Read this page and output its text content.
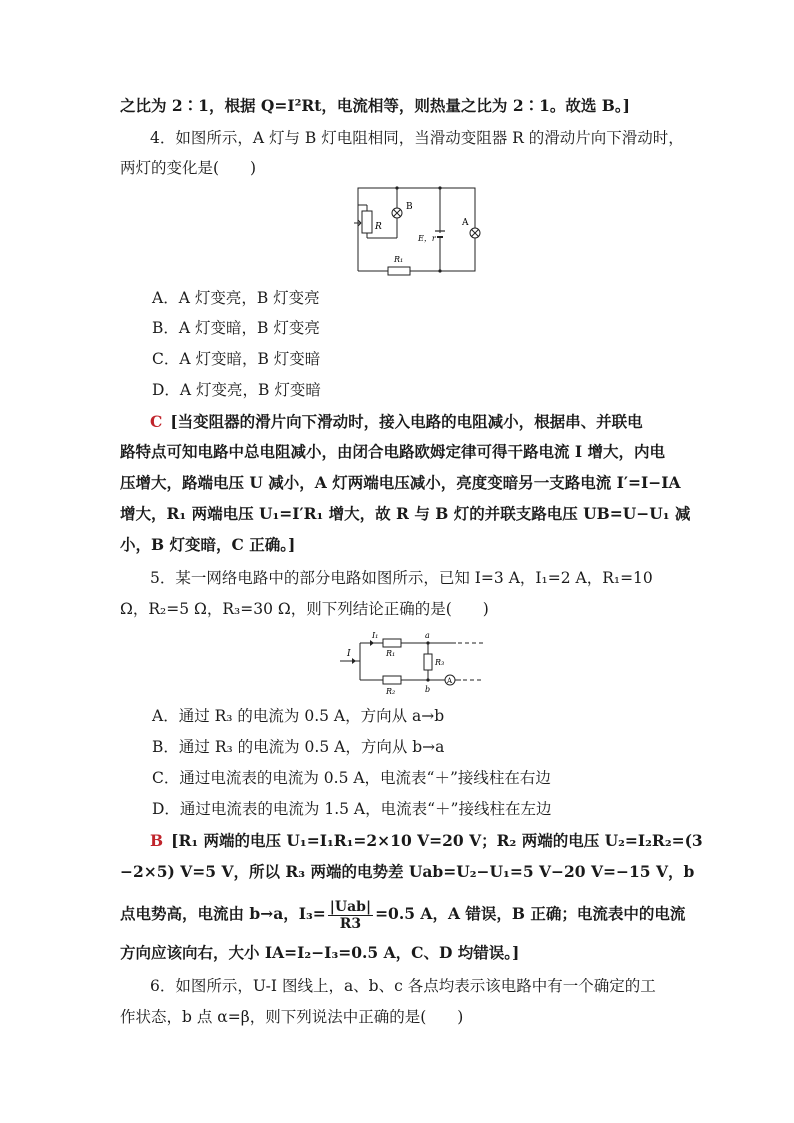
之比为 2∶1，根据 Q=I²Rt，电流相等，则热量之比为 2∶1。故选 B。]
4．如图所示，A 灯与 B 灯电阻相同，当滑动变阻器 R 的滑动片向下滑动时，
两灯的变化是(　　)
B
A
R
E，r
R₁
A．A 灯变亮，B 灯变亮
B．A 灯变暗，B 灯变亮
C．A 灯变暗，B 灯变暗
D．A 灯变亮，B 灯变暗
C [当变阻器的滑片向下滑动时，接入电路的电阻减小，根据串、并联电
路特点可知电路中总电阻减小，由闭合电路欧姆定律可得干路电流 I 增大，内电
压增大，路端电压 U 减小，A 灯两端电压减小，亮度变暗另一支路电流 I′=I−IA
增大，R₁ 两端电压 U₁=I′R₁ 增大，故 R 与 B 灯的并联支路电压 UB=U−U₁ 减
小，B 灯变暗，C 正确。]
5．某一网络电路中的部分电路如图所示，已知 I=3 A，I₁=2 A，R₁=10
Ω，R₂=5 Ω，R₃=30 Ω，则下列结论正确的是(　　)
I
I₁
R₁
R₂
R₃
a
b
A
A．通过 R₃ 的电流为 0.5 A，方向从 a→b
B．通过 R₃ 的电流为 0.5 A，方向从 b→a
C．通过电流表的电流为 0.5 A，电流表“＋”接线柱在右边
D．通过电流表的电流为 1.5 A，电流表“＋”接线柱在左边
B [R₁ 两端的电压 U₁=I₁R₁=2×10 V=20 V；R₂ 两端的电压 U₂=I₂R₂=(3
−2×5) V=5 V，所以 R₃ 两端的电势差 Uab=U₂−U₁=5 V−20 V=−15 V，b
点电势高，电流由 b→a，$I_3= \frac{\text{|Uab|}}{R3} =0.5$ A，A 错误，B 正确；电流表中的电流
方向应该向右，大小 IA=I₂−I₃=0.5 A，C、D 均错误。]
6．如图所示，U-I 图线上，a、b、c 各点均表示该电路中有一个确定的工
作状态，b 点 α=β，则下列说法中正确的是(　　)
